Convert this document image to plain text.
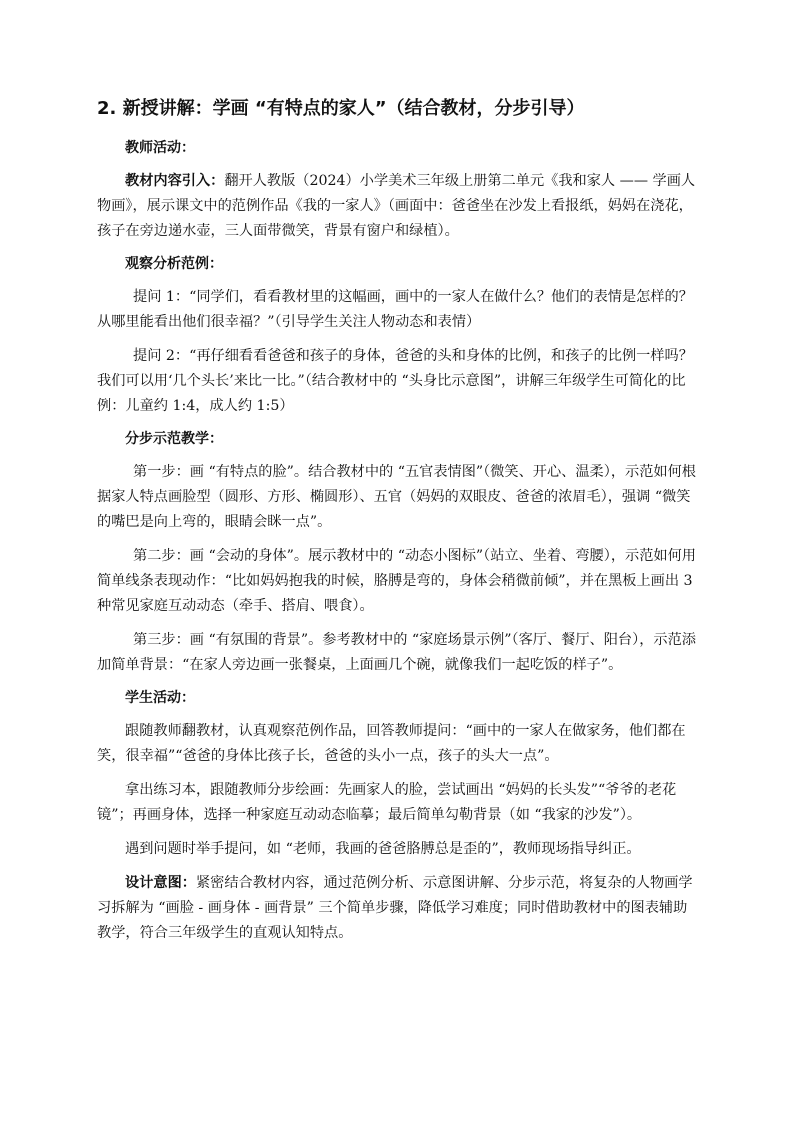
2. 新授讲解：学画 “有特点的家人”（结合教材，分步引导）

教师活动：

教材内容引入：翻开人教版（2024）小学美术三年级上册第二单元《我和家人 —— 学画人物画》，展示课文中的范例作品《我的一家人》（画面中：爸爸坐在沙发上看报纸，妈妈在浇花，孩子在旁边递水壶，三人面带微笑，背景有窗户和绿植）。

观察分析范例：

提问 1：“同学们，看看教材里的这幅画，画中的一家人在做什么？他们的表情是怎样的？从哪里能看出他们很幸福？”（引导学生关注人物动态和表情）

提问 2：“再仔细看看爸爸和孩子的身体，爸爸的头和身体的比例，和孩子的比例一样吗？我们可以用‘几个头长’来比一比。”（结合教材中的 “头身比示意图”，讲解三年级学生可简化的比例：儿童约 1:4，成人约 1:5）

分步示范教学：

第一步：画 “有特点的脸”。结合教材中的 “五官表情图”（微笑、开心、温柔），示范如何根据家人特点画脸型（圆形、方形、椭圆形）、五官（妈妈的双眼皮、爸爸的浓眉毛），强调 “微笑的嘴巴是向上弯的，眼睛会眯一点”。

第二步：画 “会动的身体”。展示教材中的 “动态小图标”（站立、坐着、弯腰），示范如何用简单线条表现动作：“比如妈妈抱我的时候，胳膊是弯的，身体会稍微前倾”，并在黑板上画出 3 种常见家庭互动动态（牵手、搭肩、喂食）。

第三步：画 “有氛围的背景”。参考教材中的 “家庭场景示例”（客厅、餐厅、阳台），示范添加简单背景：“在家人旁边画一张餐桌，上面画几个碗，就像我们一起吃饭的样子”。

学生活动：

跟随教师翻教材，认真观察范例作品，回答教师提问：“画中的一家人在做家务，他们都在笑，很幸福”“爸爸的身体比孩子长，爸爸的头小一点，孩子的头大一点”。

拿出练习本，跟随教师分步绘画：先画家人的脸，尝试画出 “妈妈的长头发”“爷爷的老花镜”；再画身体，选择一种家庭互动动态临摹；最后简单勾勒背景（如 “我家的沙发”）。

遇到问题时举手提问，如 “老师，我画的爸爸胳膊总是歪的”，教师现场指导纠正。

设计意图：紧密结合教材内容，通过范例分析、示意图讲解、分步示范，将复杂的人物画学习拆解为 “画脸 - 画身体 - 画背景” 三个简单步骤，降低学习难度；同时借助教材中的图表辅助教学，符合三年级学生的直观认知特点。
